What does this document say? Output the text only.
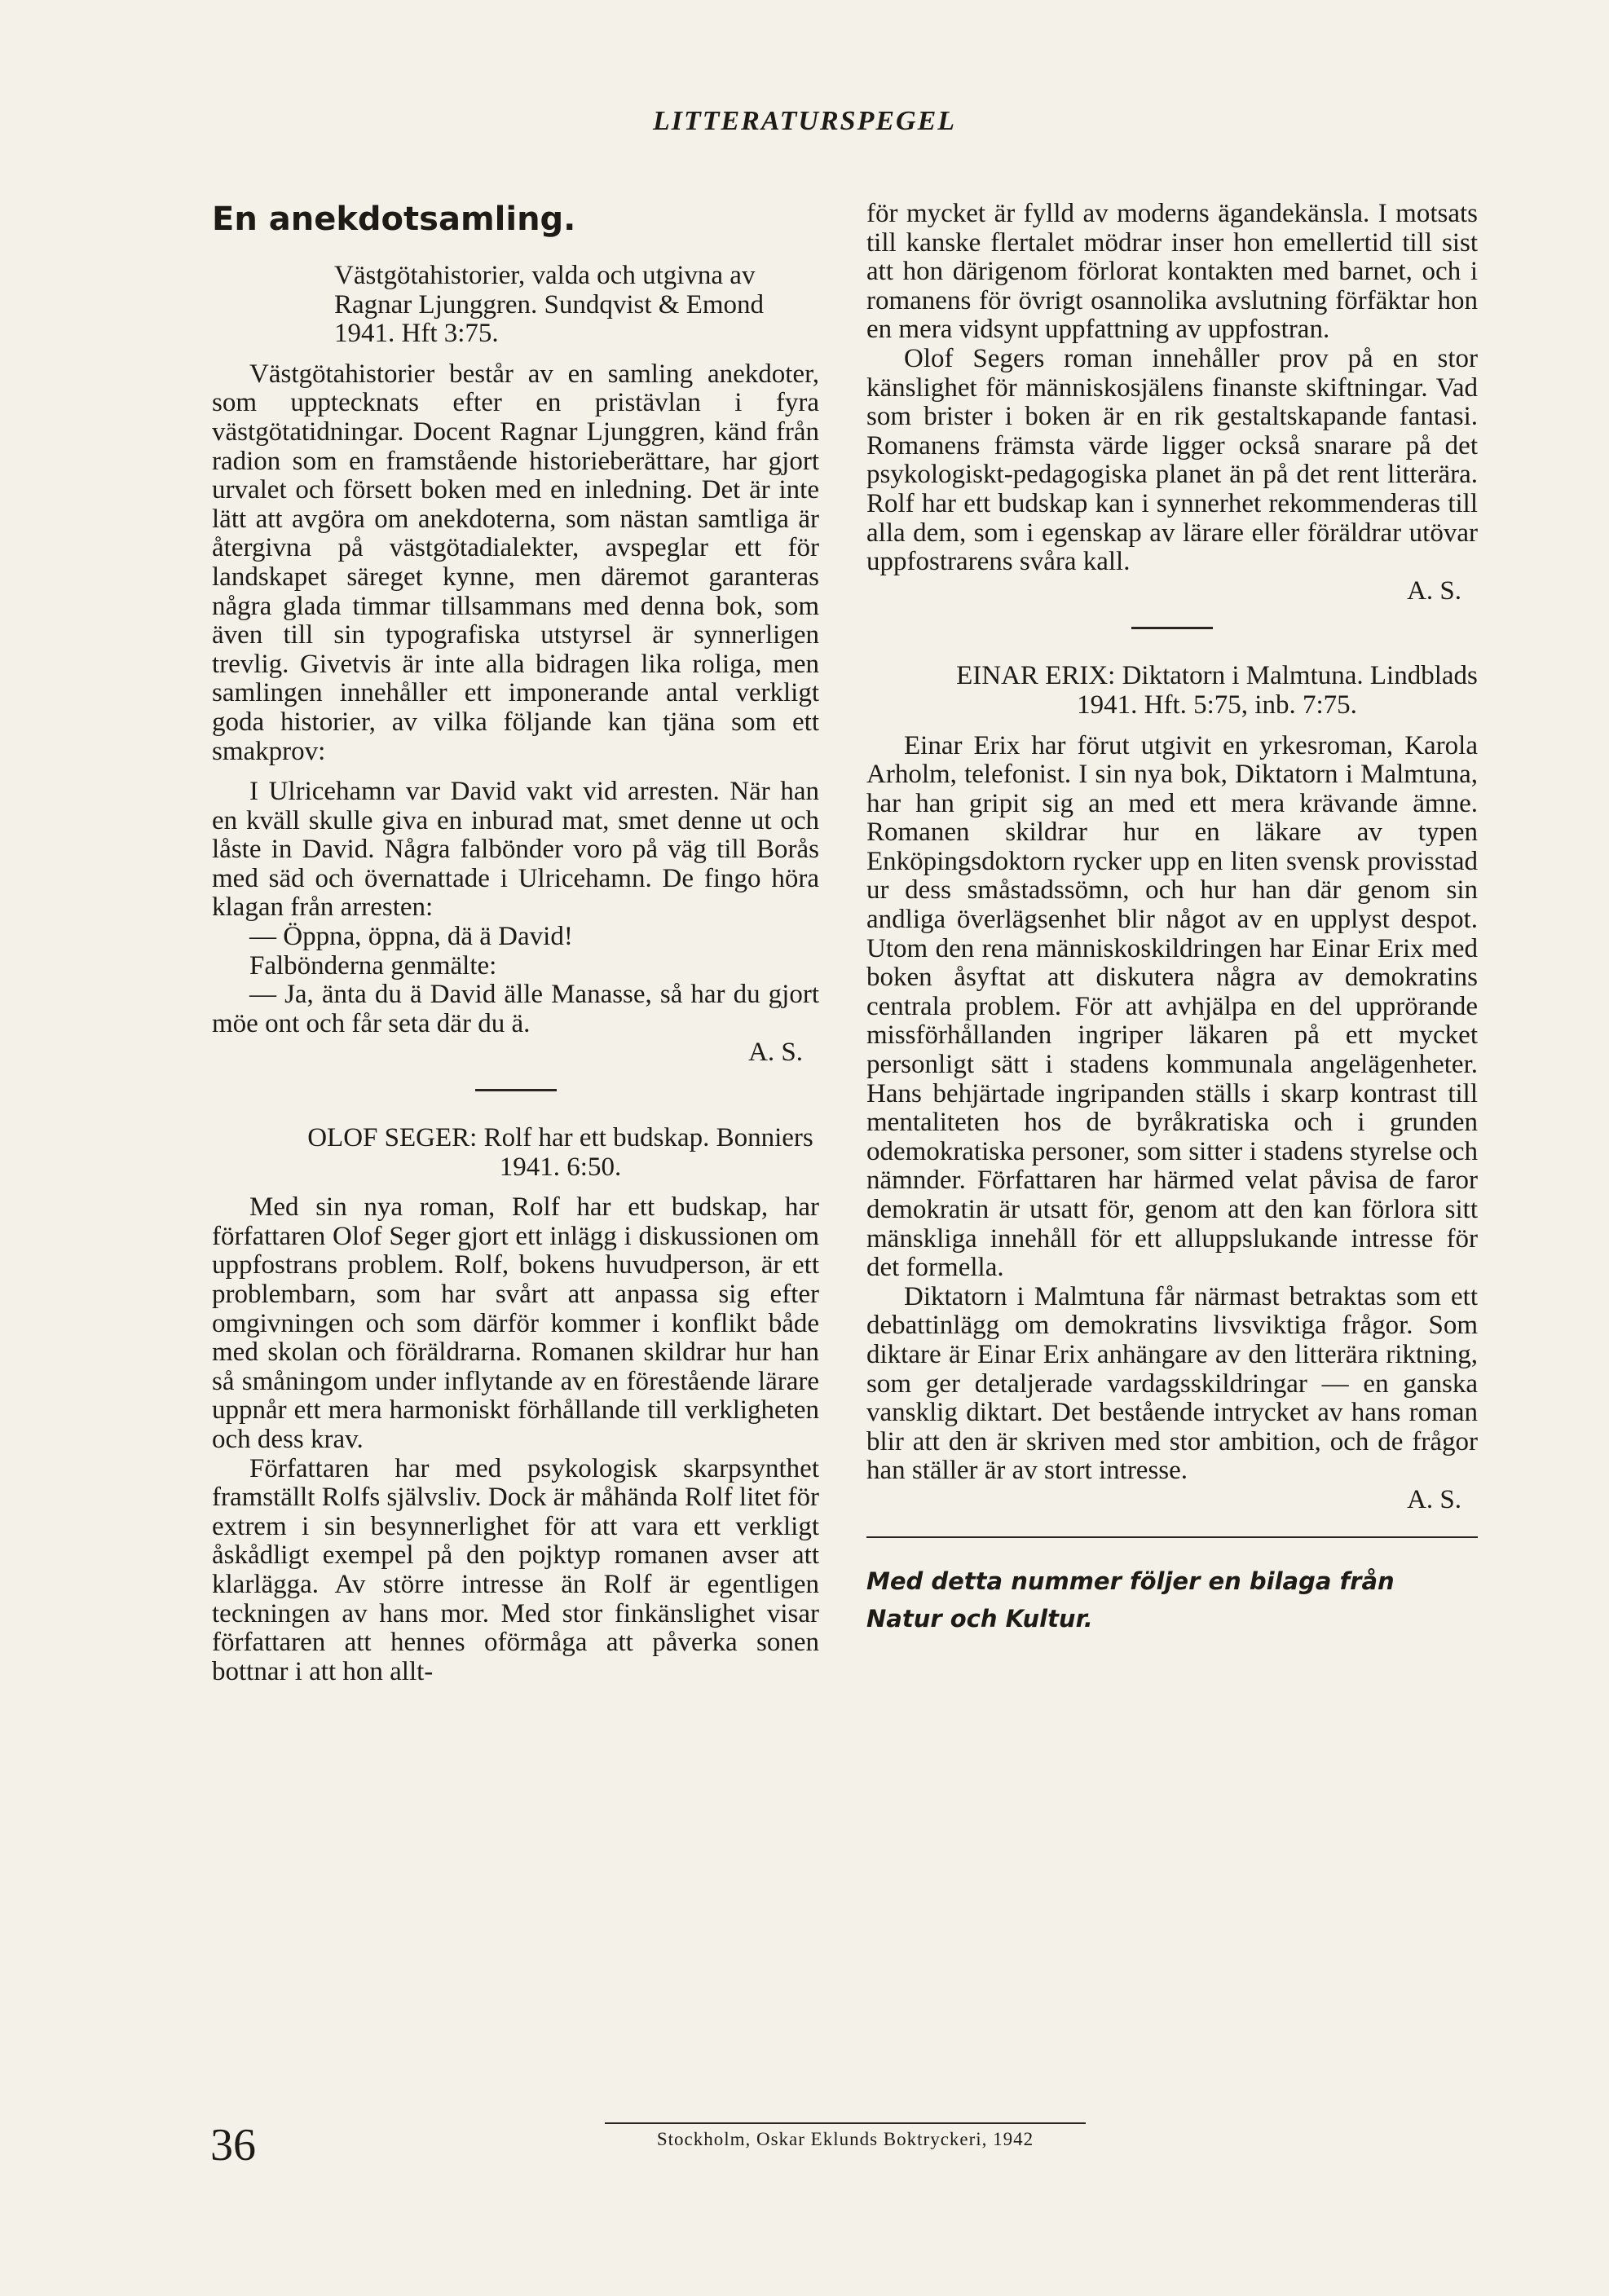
LITTERATURSPEGEL
En anekdotsamling.

Västgötahistorier, valda och utgivna av Ragnar Ljunggren. Sundqvist & Emond 1941. Hft 3:75.

Västgötahistorier består av en samling anekdoter, som upptecknats efter en pristävlan i fyra västgötatidningar. Docent Ragnar Ljunggren, känd från radion som en framstående historieberättare, har gjort urvalet och försett boken med en inledning. Det är inte lätt att avgöra om anekdoterna, som nästan samtliga är återgivna på västgötadialekter, avspeglar ett för landskapet säreget kynne, men däremot garanteras några glada timmar tillsammans med denna bok, som även till sin typografiska utstyrsel är synnerligen trevlig. Givetvis är inte alla bidragen lika roliga, men samlingen innehåller ett imponerande antal verkligt goda historier, av vilka följande kan tjäna som ett smakprov:

I Ulricehamn var David vakt vid arresten. När han en kväll skulle giva en inburad mat, smet denne ut och låste in David. Några falbönder voro på väg till Borås med säd och övernattade i Ulricehamn. De fingo höra klagan från arresten:

— Öppna, öppna, dä ä David!

Falbönderna genmälte:

— Ja, änta du ä David älle Manasse, så har du gjort möe ont och får seta där du ä.

A. S.

OLOF SEGER: Rolf har ett budskap. Bonniers 1941. 6:50.

Med sin nya roman, Rolf har ett budskap, har författaren Olof Seger gjort ett inlägg i diskussionen om uppfostrans problem. Rolf, bokens huvudperson, är ett problembarn, som har svårt att anpassa sig efter omgivningen och som därför kommer i konflikt både med skolan och föräldrarna. Romanen skildrar hur han så småningom under inflytande av en förestående lärare uppnår ett mera harmoniskt förhållande till verkligheten och dess krav.

Författaren har med psykologisk skarpsynthet framställt Rolfs självsliv. Dock är måhända Rolf litet för extrem i sin besynnerlighet för att vara ett verkligt åskådligt exempel på den pojktyp romanen avser att klarlägga. Av större intresse än Rolf är egentligen teckningen av hans mor. Med stor finkänslighet visar författaren att hennes oförmåga att påverka sonen bottnar i att hon allt-

för mycket är fylld av moderns ägandekänsla. I motsats till kanske flertalet mödrar inser hon emellertid till sist att hon därigenom förlorat kontakten med barnet, och i romanens för övrigt osannolika avslutning förfäktar hon en mera vidsynt uppfattning av uppfostran.

Olof Segers roman innehåller prov på en stor känslighet för människosjälens finanste skiftningar. Vad som brister i boken är en rik gestaltskapande fantasi. Romanens främsta värde ligger också snarare på det psykologiskt-pedagogiska planet än på det rent litterära. Rolf har ett budskap kan i synnerhet rekommenderas till alla dem, som i egenskap av lärare eller föräldrar utövar uppfostrarens svåra kall.

A. S.

EINAR ERIX: Diktatorn i Malmtuna. Lindblads 1941. Hft. 5:75, inb. 7:75.

Einar Erix har förut utgivit en yrkesroman, Karola Arholm, telefonist. I sin nya bok, Diktatorn i Malmtuna, har han gripit sig an med ett mera krävande ämne. Romanen skildrar hur en läkare av typen Enköpingsdoktorn rycker upp en liten svensk provisstad ur dess småstadssömn, och hur han där genom sin andliga överlägsenhet blir något av en upplyst despot. Utom den rena människoskildringen har Einar Erix med boken åsyftat att diskutera några av demokratins centrala problem. För att avhjälpa en del upprörande missförhållanden ingriper läkaren på ett mycket personligt sätt i stadens kommunala angelägenheter. Hans behjärtade ingripanden ställs i skarp kontrast till mentaliteten hos de byråkratiska och i grunden odemokratiska personer, som sitter i stadens styrelse och nämnder. Författaren har härmed velat påvisa de faror demokratin är utsatt för, genom att den kan förlora sitt mänskliga innehåll för ett alluppslukande intresse för det formella.

Diktatorn i Malmtuna får närmast betraktas som ett debattinlägg om demokratins livsviktiga frågor. Som diktare är Einar Erix anhängare av den litterära riktning, som ger detaljerade vardagsskildringar — en ganska vansklig diktart. Det bestående intrycket av hans roman blir att den är skriven med stor ambition, och de frågor han ställer är av stort intresse.

A. S.

Med detta nummer följer en bilaga från Natur och Kultur.

36	Stockholm, Oskar Eklunds Boktryckeri, 1942
